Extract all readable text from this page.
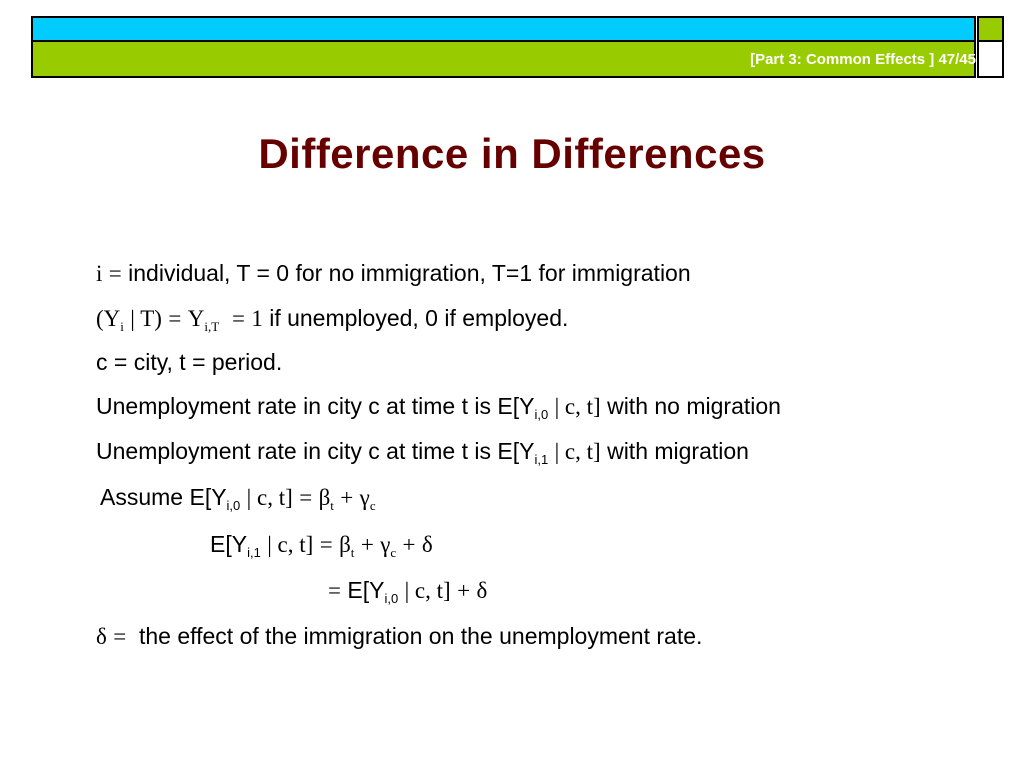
[Part 3: Common Effects ] 47/45
Difference in Differences
i = individual, T = 0 for no immigration, T=1 for immigration
($Y_i$ | $T) = Y_{i,T} = 1$ if unemployed, 0 if employed.
c = city, t = period.
Unemployment rate in city c at time t is $E[Y_{i,0}$ | c, t] with no migration
Unemployment rate in city c at time t is $E[Y_{i,1}$ | c, t] with migration
Assume $E[Y_{i,0}$ | c, $t] = \beta_t + \gamma_c$
$E[Y_{i,1}$ | c, $t] = \beta_t + \gamma_c + \delta$
= $E[Y_{i,0}$ | c, t] + δ
δ = the effect of the immigration on the unemployment rate.
